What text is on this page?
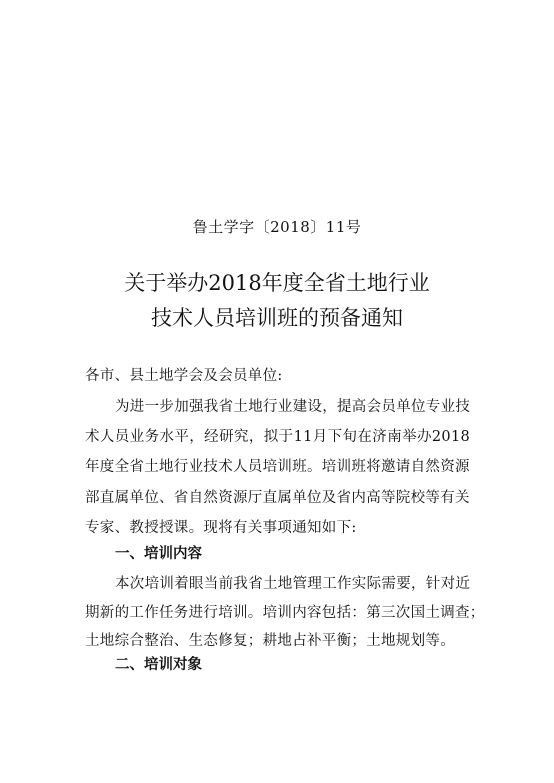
鲁土学字〔2018〕11号
关于举办2018年度全省土地行业
技术人员培训班的预备通知
各市、县土地学会及会员单位:
为进一步加强我省土地行业建设，提高会员单位专业技
术人员业务水平，经研究，拟于11月下旬在济南举办2018
年度全省土地行业技术人员培训班。培训班将邀请自然资源
部直属单位、省自然资源厅直属单位及省内高等院校等有关
专家、教授授课。现将有关事项通知如下:
一、培训内容
本次培训着眼当前我省土地管理工作实际需要，针对近
期新的工作任务进行培训。培训内容包括：第三次国土调查；
土地综合整治、生态修复；耕地占补平衡；土地规划等。
二、培训对象
